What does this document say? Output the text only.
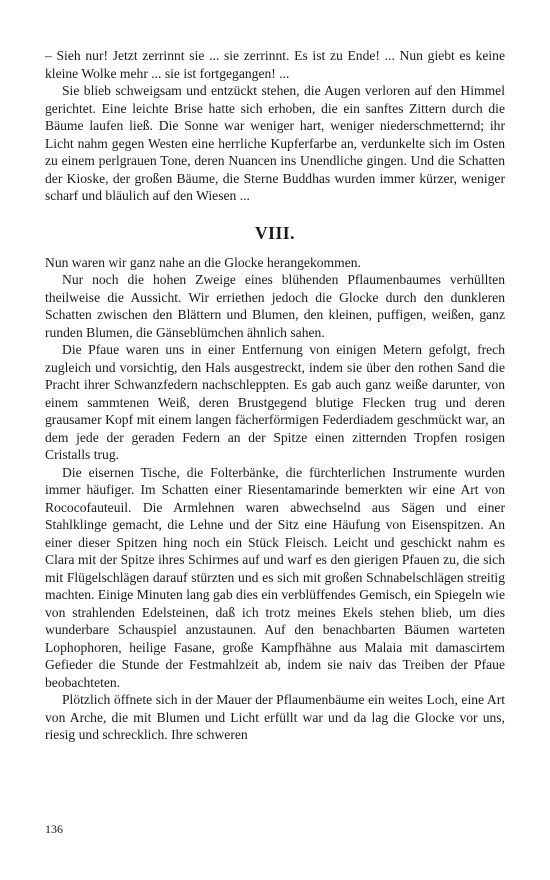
– Sieh nur! Jetzt zerrinnt sie ... sie zerrinnt. Es ist zu Ende! ... Nun giebt es keine kleine Wolke mehr ... sie ist fortgegangen! ...

Sie blieb schweigsam und entzückt stehen, die Augen verloren auf den Himmel gerichtet. Eine leichte Brise hatte sich erhoben, die ein sanftes Zittern durch die Bäume laufen ließ. Die Sonne war weniger hart, weniger niederschmetternd; ihr Licht nahm gegen Westen eine herrliche Kupferfarbe an, verdunkelte sich im Osten zu einem perlgrauen Tone, deren Nuancen ins Unendliche gingen. Und die Schatten der Kioske, der großen Bäume, die Sterne Buddhas wurden immer kürzer, weniger scharf und bläulich auf den Wiesen ...

VIII.

Nun waren wir ganz nahe an die Glocke herangekommen.

Nur noch die hohen Zweige eines blühenden Pflaumenbaumes verhüllten theilweise die Aussicht. Wir erriethen jedoch die Glocke durch den dunkleren Schatten zwischen den Blättern und Blumen, den kleinen, puffigen, weißen, ganz runden Blumen, die Gänseblümchen ähnlich sahen.

Die Pfaue waren uns in einer Entfernung von einigen Metern gefolgt, frech zugleich und vorsichtig, den Hals ausgestreckt, indem sie über den rothen Sand die Pracht ihrer Schwanzfedern nachschleppten. Es gab auch ganz weiße darunter, von einem sammtenen Weiß, deren Brustgegend blutige Flecken trug und deren grausamer Kopf mit einem langen fächerförmigen Federdiadem geschmückt war, an dem jede der geraden Federn an der Spitze einen zitternden Tropfen rosigen Cristalls trug.

Die eisernen Tische, die Folterbänke, die fürchterlichen Instrumente wurden immer häufiger. Im Schatten einer Riesentamarinde bemerkten wir eine Art von Rococofauteuil. Die Armlehnen waren abwechselnd aus Sägen und einer Stahlklinge gemacht, die Lehne und der Sitz eine Häufung von Eisenspitzen. An einer dieser Spitzen hing noch ein Stück Fleisch. Leicht und geschickt nahm es Clara mit der Spitze ihres Schirmes auf und warf es den gierigen Pfauen zu, die sich mit Flügelschlägen darauf stürzten und es sich mit großen Schnabelschlägen streitig machten. Einige Minuten lang gab dies ein verblüffendes Gemisch, ein Spiegeln wie von strahlenden Edelsteinen, daß ich trotz meines Ekels stehen blieb, um dies wunderbare Schauspiel anzustaunen. Auf den benachbarten Bäumen warteten Lophophoren, heilige Fasane, große Kampfhähne aus Malaia mit damascirtem Gefieder die Stunde der Festmahlzeit ab, indem sie naiv das Treiben der Pfaue beobachteten.

Plötzlich öffnete sich in der Mauer der Pflaumenbäume ein weites Loch, eine Art von Arche, die mit Blumen und Licht erfüllt war und da lag die Glocke vor uns, riesig und schrecklich. Ihre schweren

136
